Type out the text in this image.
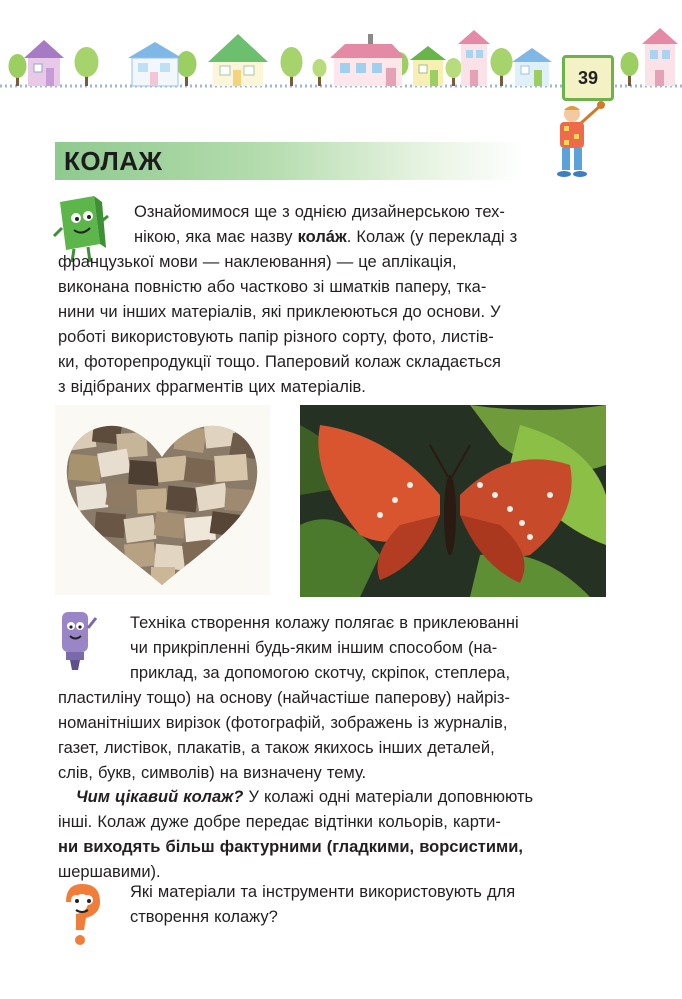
39
КОЛАЖ
Ознайомимося ще з однією дизайнерською тех-
нікою, яка має назву колáж. Колаж (у перекладі з
французької мови — наклеювання) — це аплікація,
виконана повністю або частково зі шматків паперу, тка-
нини чи інших матеріалів, які приклеюються до основи. У
роботі використовують папір різного сорту, фото, листів-
ки, фоторепродукції тощо. Паперовий колаж складається
з відібраних фрагментів цих матеріалів.
Техніка створення колажу полягає в приклеюванні
чи прикріпленні будь-яким іншим способом (на-
приклад, за допомогою скотчу, скріпок, степлера,
пластиліну тощо) на основу (найчастіше паперову) найріз-
номанітніших вирізок (фотографій, зображень із журналів,
газет, листівок, плакатів, а також якихось інших деталей,
слів, букв, символів) на визначену тему.
Чим цікавий колаж? У колажі одні матеріали доповнюють
інші. Колаж дуже добре передає відтінки кольорів, карти-
ни виходять більш фактурними (гладкими, ворсистими,
шершавими).
Які матеріали та інструменти використовують для
створення колажу?
